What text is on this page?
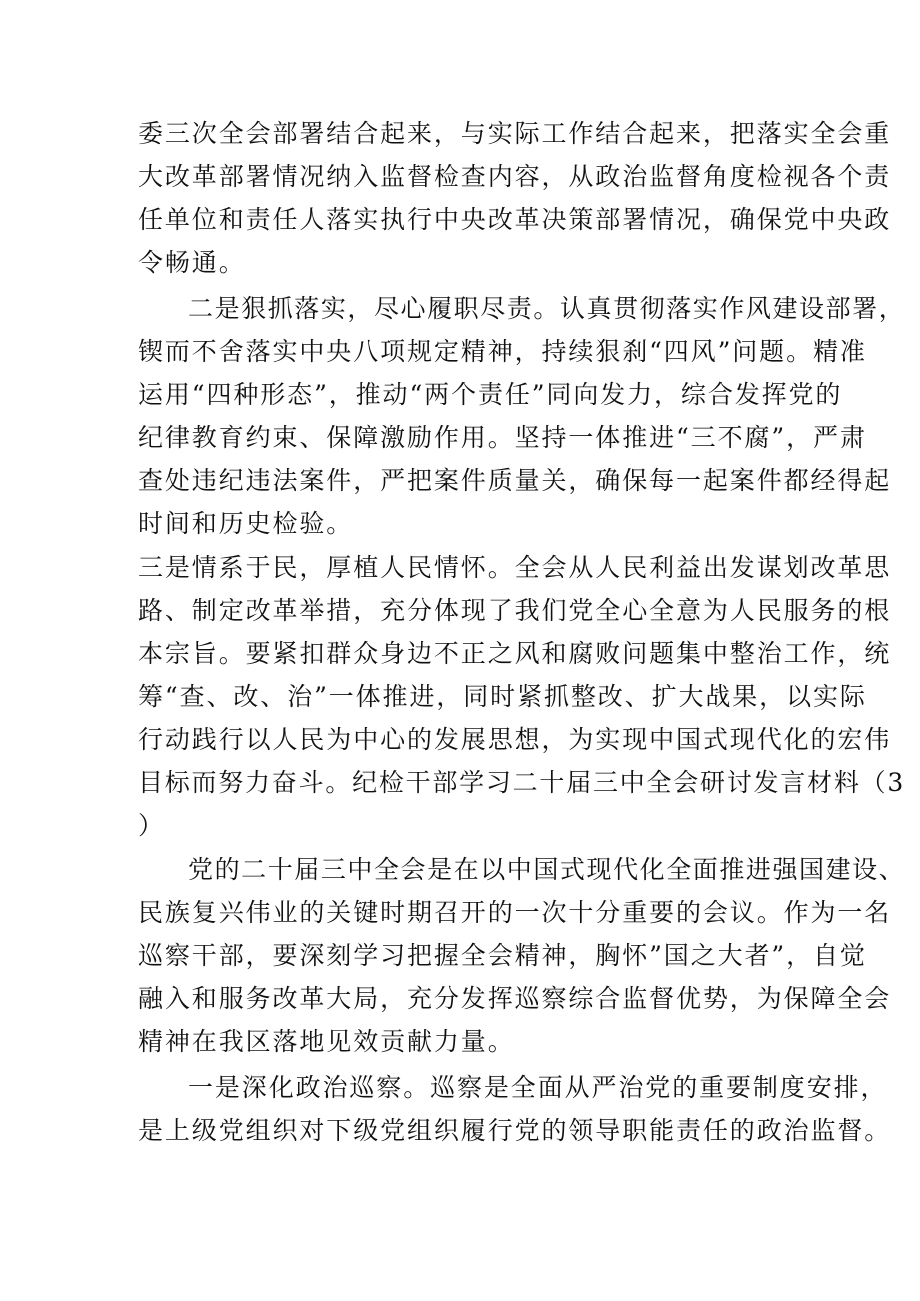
委三次全会部署结合起来，与实际工作结合起来，把落实全会重
大改革部署情况纳入监督检查内容，从政治监督角度检视各个责
任单位和责任人落实执行中央改革决策部署情况，确保党中央政
令畅通。
二是狠抓落实，尽心履职尽责。认真贯彻落实作风建设部署，
锲而不舍落实中央八项规定精神，持续狠刹“四风”问题。精准
运用“四种形态”，推动“两个责任”同向发力，综合发挥党的
纪律教育约束、保障激励作用。坚持一体推进“三不腐”，严肃
查处违纪违法案件，严把案件质量关，确保每一起案件都经得起
时间和历史检验。
三是情系于民，厚植人民情怀。全会从人民利益出发谋划改革思
路、制定改革举措，充分体现了我们党全心全意为人民服务的根
本宗旨。要紧扣群众身边不正之风和腐败问题集中整治工作，统
筹“查、改、治”一体推进，同时紧抓整改、扩大战果，以实际
行动践行以人民为中心的发展思想，为实现中国式现代化的宏伟
目标而努力奋斗。纪检干部学习二十届三中全会研讨发言材料（3
）
党的二十届三中全会是在以中国式现代化全面推进强国建设、
民族复兴伟业的关键时期召开的一次十分重要的会议。作为一名
巡察干部，要深刻学习把握全会精神，胸怀”国之大者”，自觉
融入和服务改革大局，充分发挥巡察综合监督优势，为保障全会
精神在我区落地见效贡献力量。
一是深化政治巡察。巡察是全面从严治党的重要制度安排，
是上级党组织对下级党组织履行党的领导职能责任的政治监督。
